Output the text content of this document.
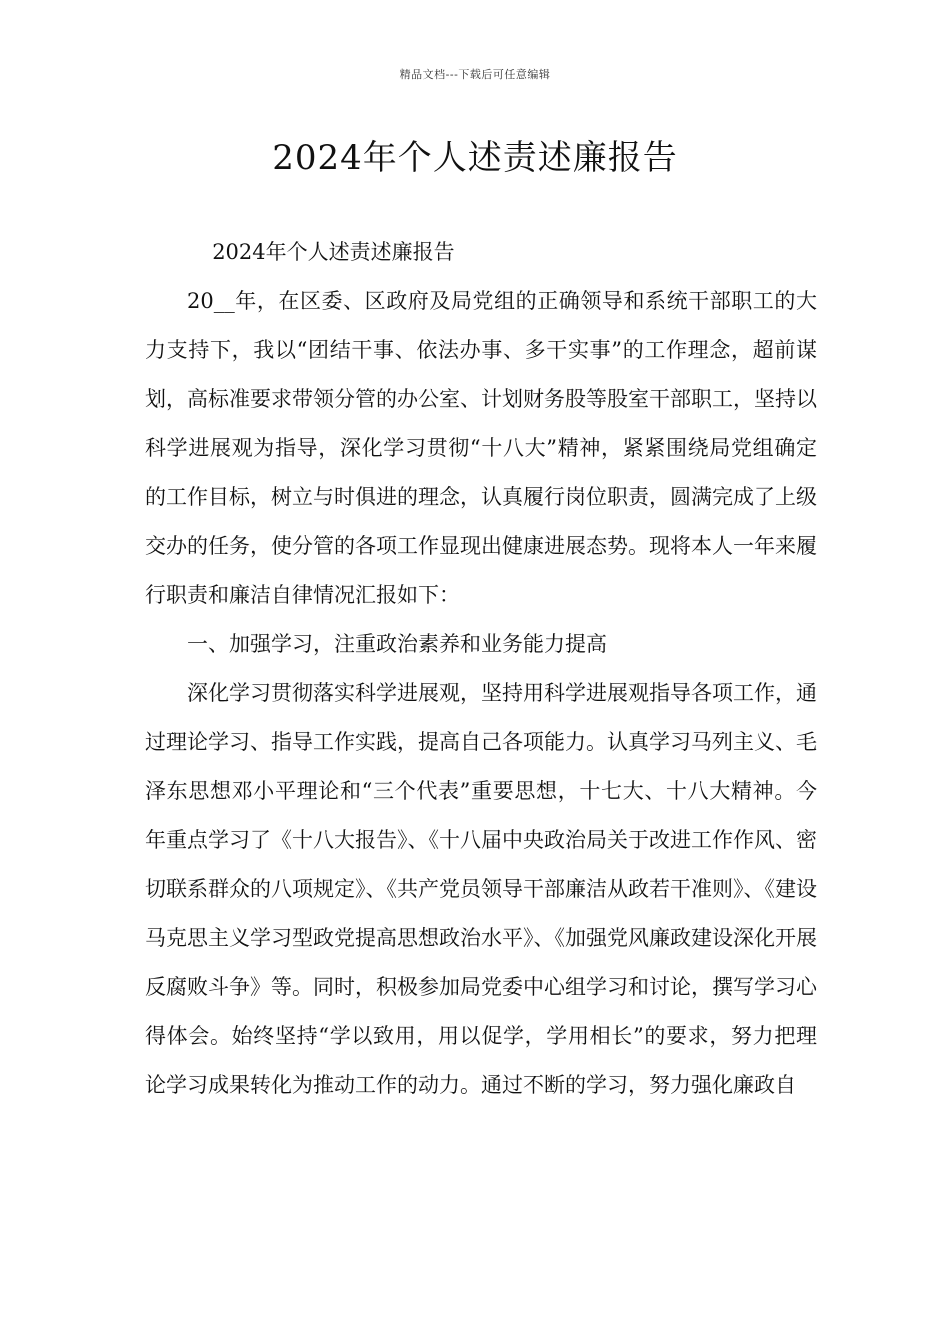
精品文档---下载后可任意编辑
2024年个人述责述廉报告

2024年个人述责述廉报告

20__年，在区委、区政府及局党组的正确领导和系统干部职工的大力支持下，我以“团结干事、依法办事、多干实事”的工作理念，超前谋划，高标准要求带领分管的办公室、计划财务股等股室干部职工，坚持以科学进展观为指导，深化学习贯彻“十八大”精神，紧紧围绕局党组确定的工作目标，树立与时俱进的理念，认真履行岗位职责，圆满完成了上级交办的任务，使分管的各项工作显现出健康进展态势。现将本人一年来履行职责和廉洁自律情况汇报如下：

一、加强学习，注重政治素养和业务能力提高

深化学习贯彻落实科学进展观，坚持用科学进展观指导各项工作，通过理论学习、指导工作实践，提高自己各项能力。认真学习马列主义、毛泽东思想邓小平理论和“三个代表”重要思想，十七大、十八大精神。今年重点学习了《十八大报告》、《十八届中央政治局关于改进工作作风、密切联系群众的八项规定》、《共产党员领导干部廉洁从政若干准则》、《建设马克思主义学习型政党提高思想政治水平》、《加强党风廉政建设深化开展反腐败斗争》等。同时，积极参加局党委中心组学习和讨论，撰写学习心得体会。始终坚持“学以致用，用以促学，学用相长”的要求，努力把理论学习成果转化为推动工作的动力。通过不断的学习，努力强化廉政自
